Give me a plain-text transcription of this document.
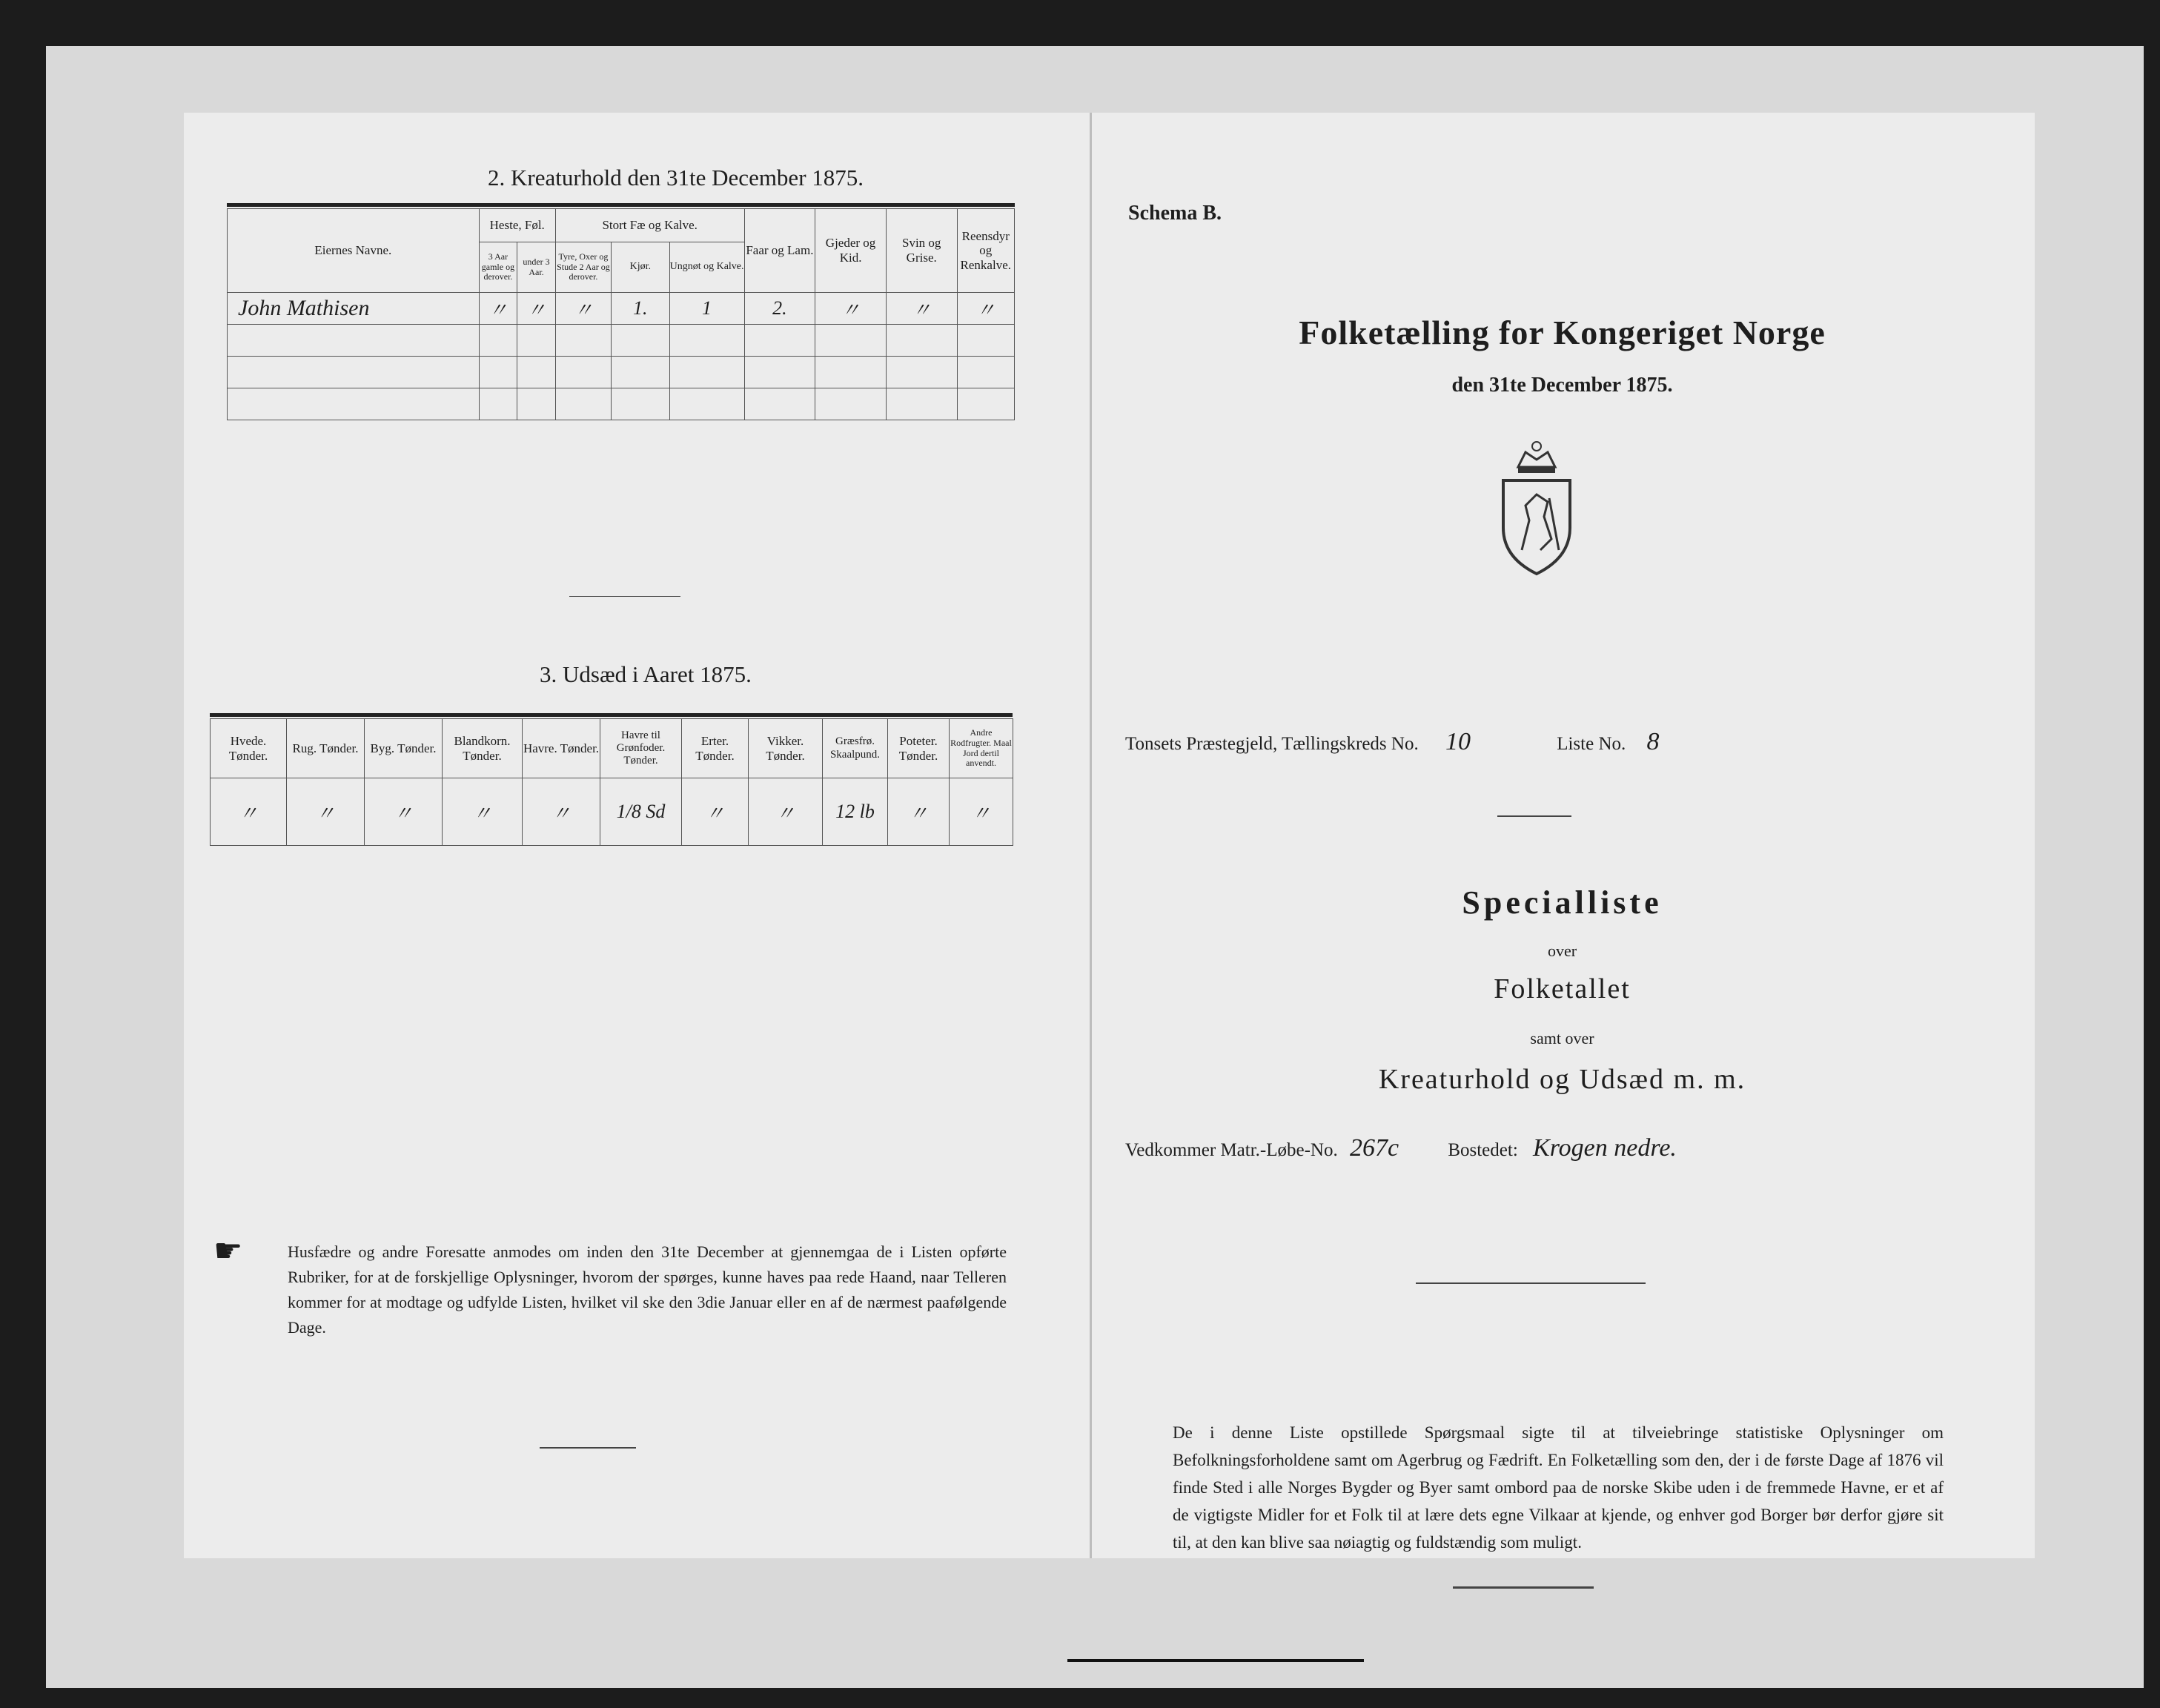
2. Kreaturhold den 31te December 1875.
Eiernes Navne.	Heste, Føl.		Stort Fæ og Kalve.			Faar og Lam.	Gjeder og Kid.	Svin og Grise.	Reensdyr og Renkalve.
	3 Aar gamle og derover.	under 3 Aar.	Tyre, Oxer og Stude 2 Aar og derover.	Kjør.	Ungnøt og Kalve.				
John Mathisen	〃	〃	〃	1.	1	2.	〃	〃	〃

3. Udsæd i Aaret 1875.
Hvede. Tønder.	Rug. Tønder.	Byg. Tønder.	Blandkorn. Tønder.	Havre. Tønder.	Havre til Grønfoder. Tønder.	Erter. Tønder.	Vikker. Tønder.	Græsfrø. Skaalpund.	Poteter. Tønder.	Andre Rodfrugter. Maal Jord dertil anvendt.
〃	〃	〃	〃	〃	1/8 Sd	〃	〃	12 lb	〃	〃
☛	Husfædre og andre Foresatte anmodes om inden den 31te December at gjennemgaa de i Listen opførte Rubriker, for at de forskjellige Oplysninger, hvorom der spørges, kunne haves paa rede Haand, naar Telleren kommer for at modtage og udfylde Listen, hvilket vil ske den 3die Januar eller en af de nærmest paafølgende Dage.
Schema B.
Folketælling for Kongeriget Norge
den 31te December 1875.
Tonsets Præstegjeld, Tællingskreds No. 10	Liste No. 8
Specialliste
over
Folketallet
samt over
Kreaturhold og Udsæd m. m.
Vedkommer Matr.-Løbe-No. 267c	Bostedet: Krogen nedre.
De i denne Liste opstillede Spørgsmaal sigte til at tilveiebringe statistiske Oplysninger om Befolkningsforholdene samt om Agerbrug og Fædrift. En Folketælling som den, der i de første Dage af 1876 vil finde Sted i alle Norges Bygder og Byer samt ombord paa de norske Skibe uden i de fremmede Havne, er et af de vigtigste Midler for et Folk til at lære dets egne Vilkaar at kjende, og enhver god Borger bør derfor gjøre sit til, at den kan blive saa nøiagtig og fuldstændig som muligt.
